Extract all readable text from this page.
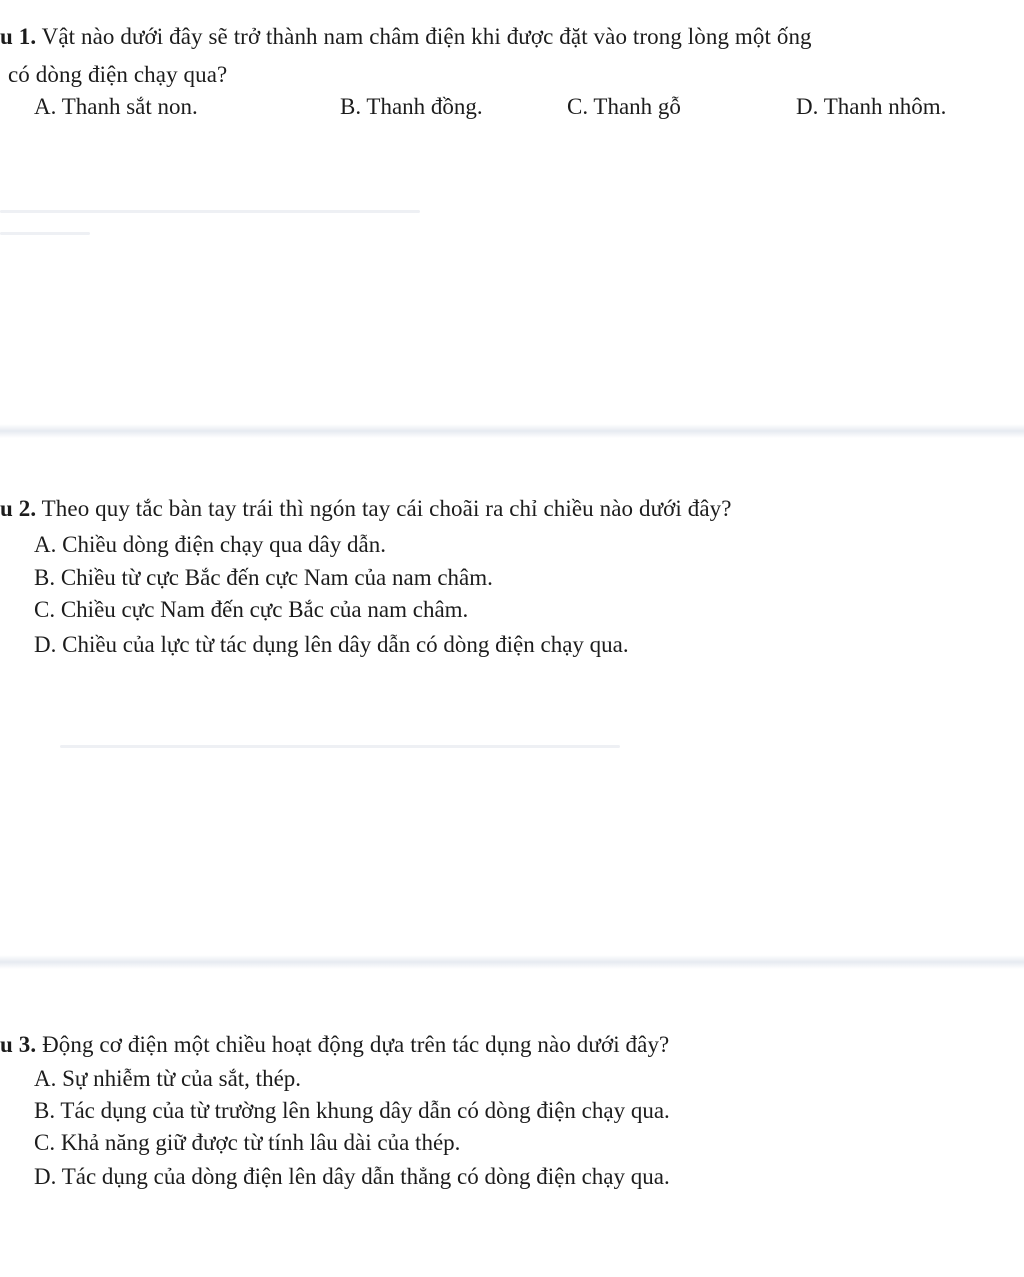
u 1. Vật nào dưới đây sẽ trở thành nam châm điện khi được đặt vào trong lòng một ống
có dòng điện chạy qua?
A. Thanh sắt non.	B. Thanh đồng.	C. Thanh gỗ	D. Thanh nhôm.
u 2. Theo quy tắc bàn tay trái thì ngón tay cái choãi ra chỉ chiều nào dưới đây?
A. Chiều dòng điện chạy qua dây dẫn.
B. Chiều từ cực Bắc đến cực Nam của nam châm.
C. Chiều cực Nam đến cực Bắc của nam châm.
D. Chiều của lực từ tác dụng lên dây dẫn có dòng điện chạy qua.
u 3. Động cơ điện một chiều hoạt động dựa trên tác dụng nào dưới đây?
A. Sự nhiễm từ của sắt, thép.
B. Tác dụng của từ trường lên khung dây dẫn có dòng điện chạy qua.
C. Khả năng giữ được từ tính lâu dài của thép.
D. Tác dụng của dòng điện lên dây dẫn thẳng có dòng điện chạy qua.
